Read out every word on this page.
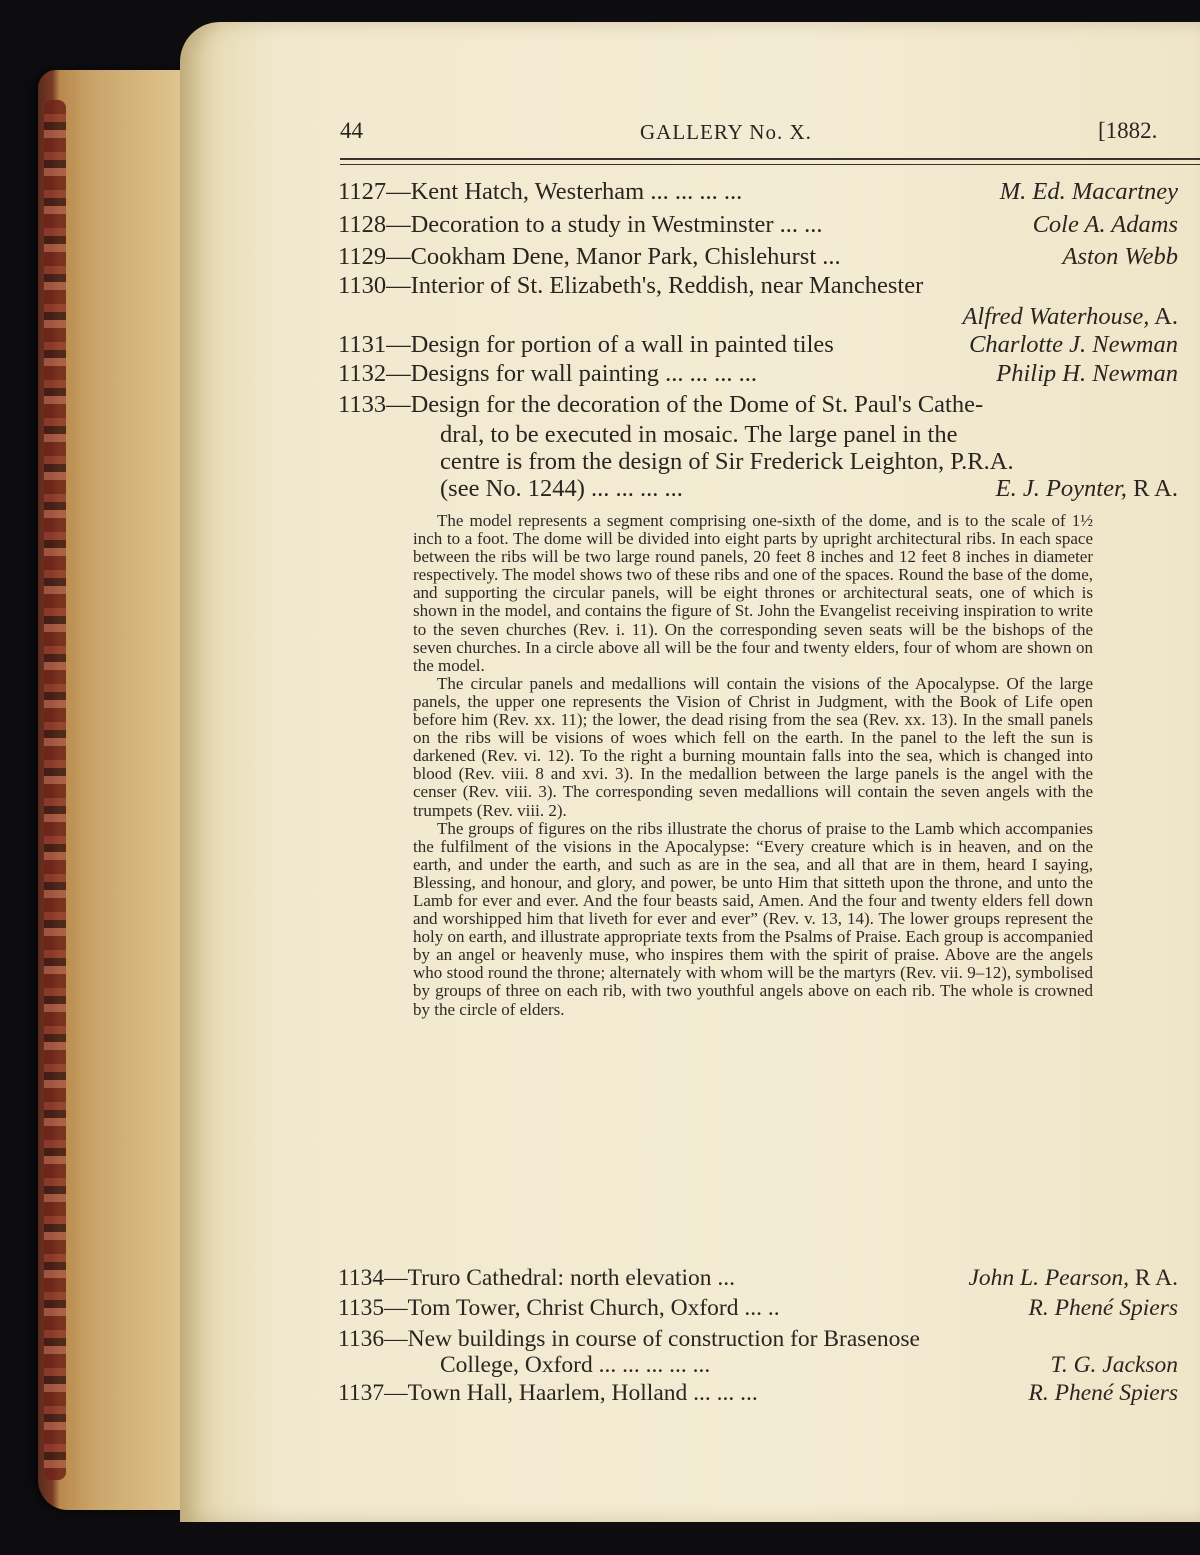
44	GALLERY No. X.	[1882.
1127—Kent Hatch, Westerham ... ... ... ...	M. Ed. Macartney
1128—Decoration to a study in Westminster ... ...	Cole A. Adams
1129—Cookham Dene, Manor Park, Chislehurst ...	Aston Webb
1130—Interior of St. Elizabeth's, Reddish, near Manchester
Alfred Waterhouse, A.
1131—Design for portion of a wall in painted tiles	Charlotte J. Newman
1132—Designs for wall painting ... ... ... ...	Philip H. Newman
1133—Design for the decoration of the Dome of St. Paul's Cathe-
dral, to be executed in mosaic. The large panel in the
centre is from the design of Sir Frederick Leighton, P.R.A.
(see No. 1244) ... ... ... ...	E. J. Poynter, R A.

The model represents a segment comprising one-sixth of the dome, and is to the scale of 1½ inch to a foot. The dome will be divided into eight parts by upright architectural ribs. In each space between the ribs will be two large round panels, 20 feet 8 inches and 12 feet 8 inches in diameter respectively. The model shows two of these ribs and one of the spaces. Round the base of the dome, and supporting the circular panels, will be eight thrones or architectural seats, one of which is shown in the model, and contains the figure of St. John the Evangelist receiving inspiration to write to the seven churches (Rev. i. 11). On the corresponding seven seats will be the bishops of the seven churches. In a circle above all will be the four and twenty elders, four of whom are shown on the model.

The circular panels and medallions will contain the visions of the Apocalypse. Of the large panels, the upper one represents the Vision of Christ in Judgment, with the Book of Life open before him (Rev. xx. 11); the lower, the dead rising from the sea (Rev. xx. 13). In the small panels on the ribs will be visions of woes which fell on the earth. In the panel to the left the sun is darkened (Rev. vi. 12). To the right a burning mountain falls into the sea, which is changed into blood (Rev. viii. 8 and xvi. 3). In the medallion between the large panels is the angel with the censer (Rev. viii. 3). The corresponding seven medallions will contain the seven angels with the trumpets (Rev. viii. 2).

The groups of figures on the ribs illustrate the chorus of praise to the Lamb which accompanies the fulfilment of the visions in the Apocalypse: “Every creature which is in heaven, and on the earth, and under the earth, and such as are in the sea, and all that are in them, heard I saying, Blessing, and honour, and glory, and power, be unto Him that sitteth upon the throne, and unto the Lamb for ever and ever. And the four beasts said, Amen. And the four and twenty elders fell down and worshipped him that liveth for ever and ever” (Rev. v. 13, 14). The lower groups represent the holy on earth, and illustrate appropriate texts from the Psalms of Praise. Each group is accompanied by an angel or heavenly muse, who inspires them with the spirit of praise. Above are the angels who stood round the throne; alternately with whom will be the martyrs (Rev. vii. 9–12), symbolised by groups of three on each rib, with two youthful angels above on each rib. The whole is crowned by the circle of elders.

1134—Truro Cathedral: north elevation ...	John L. Pearson, R A.
1135—Tom Tower, Christ Church, Oxford ... ..	R. Phené Spiers
1136—New buildings in course of construction for Brasenose
College, Oxford ... ... ... ... ...	T. G. Jackson
1137—Town Hall, Haarlem, Holland ... ... ...	R. Phené Spiers
